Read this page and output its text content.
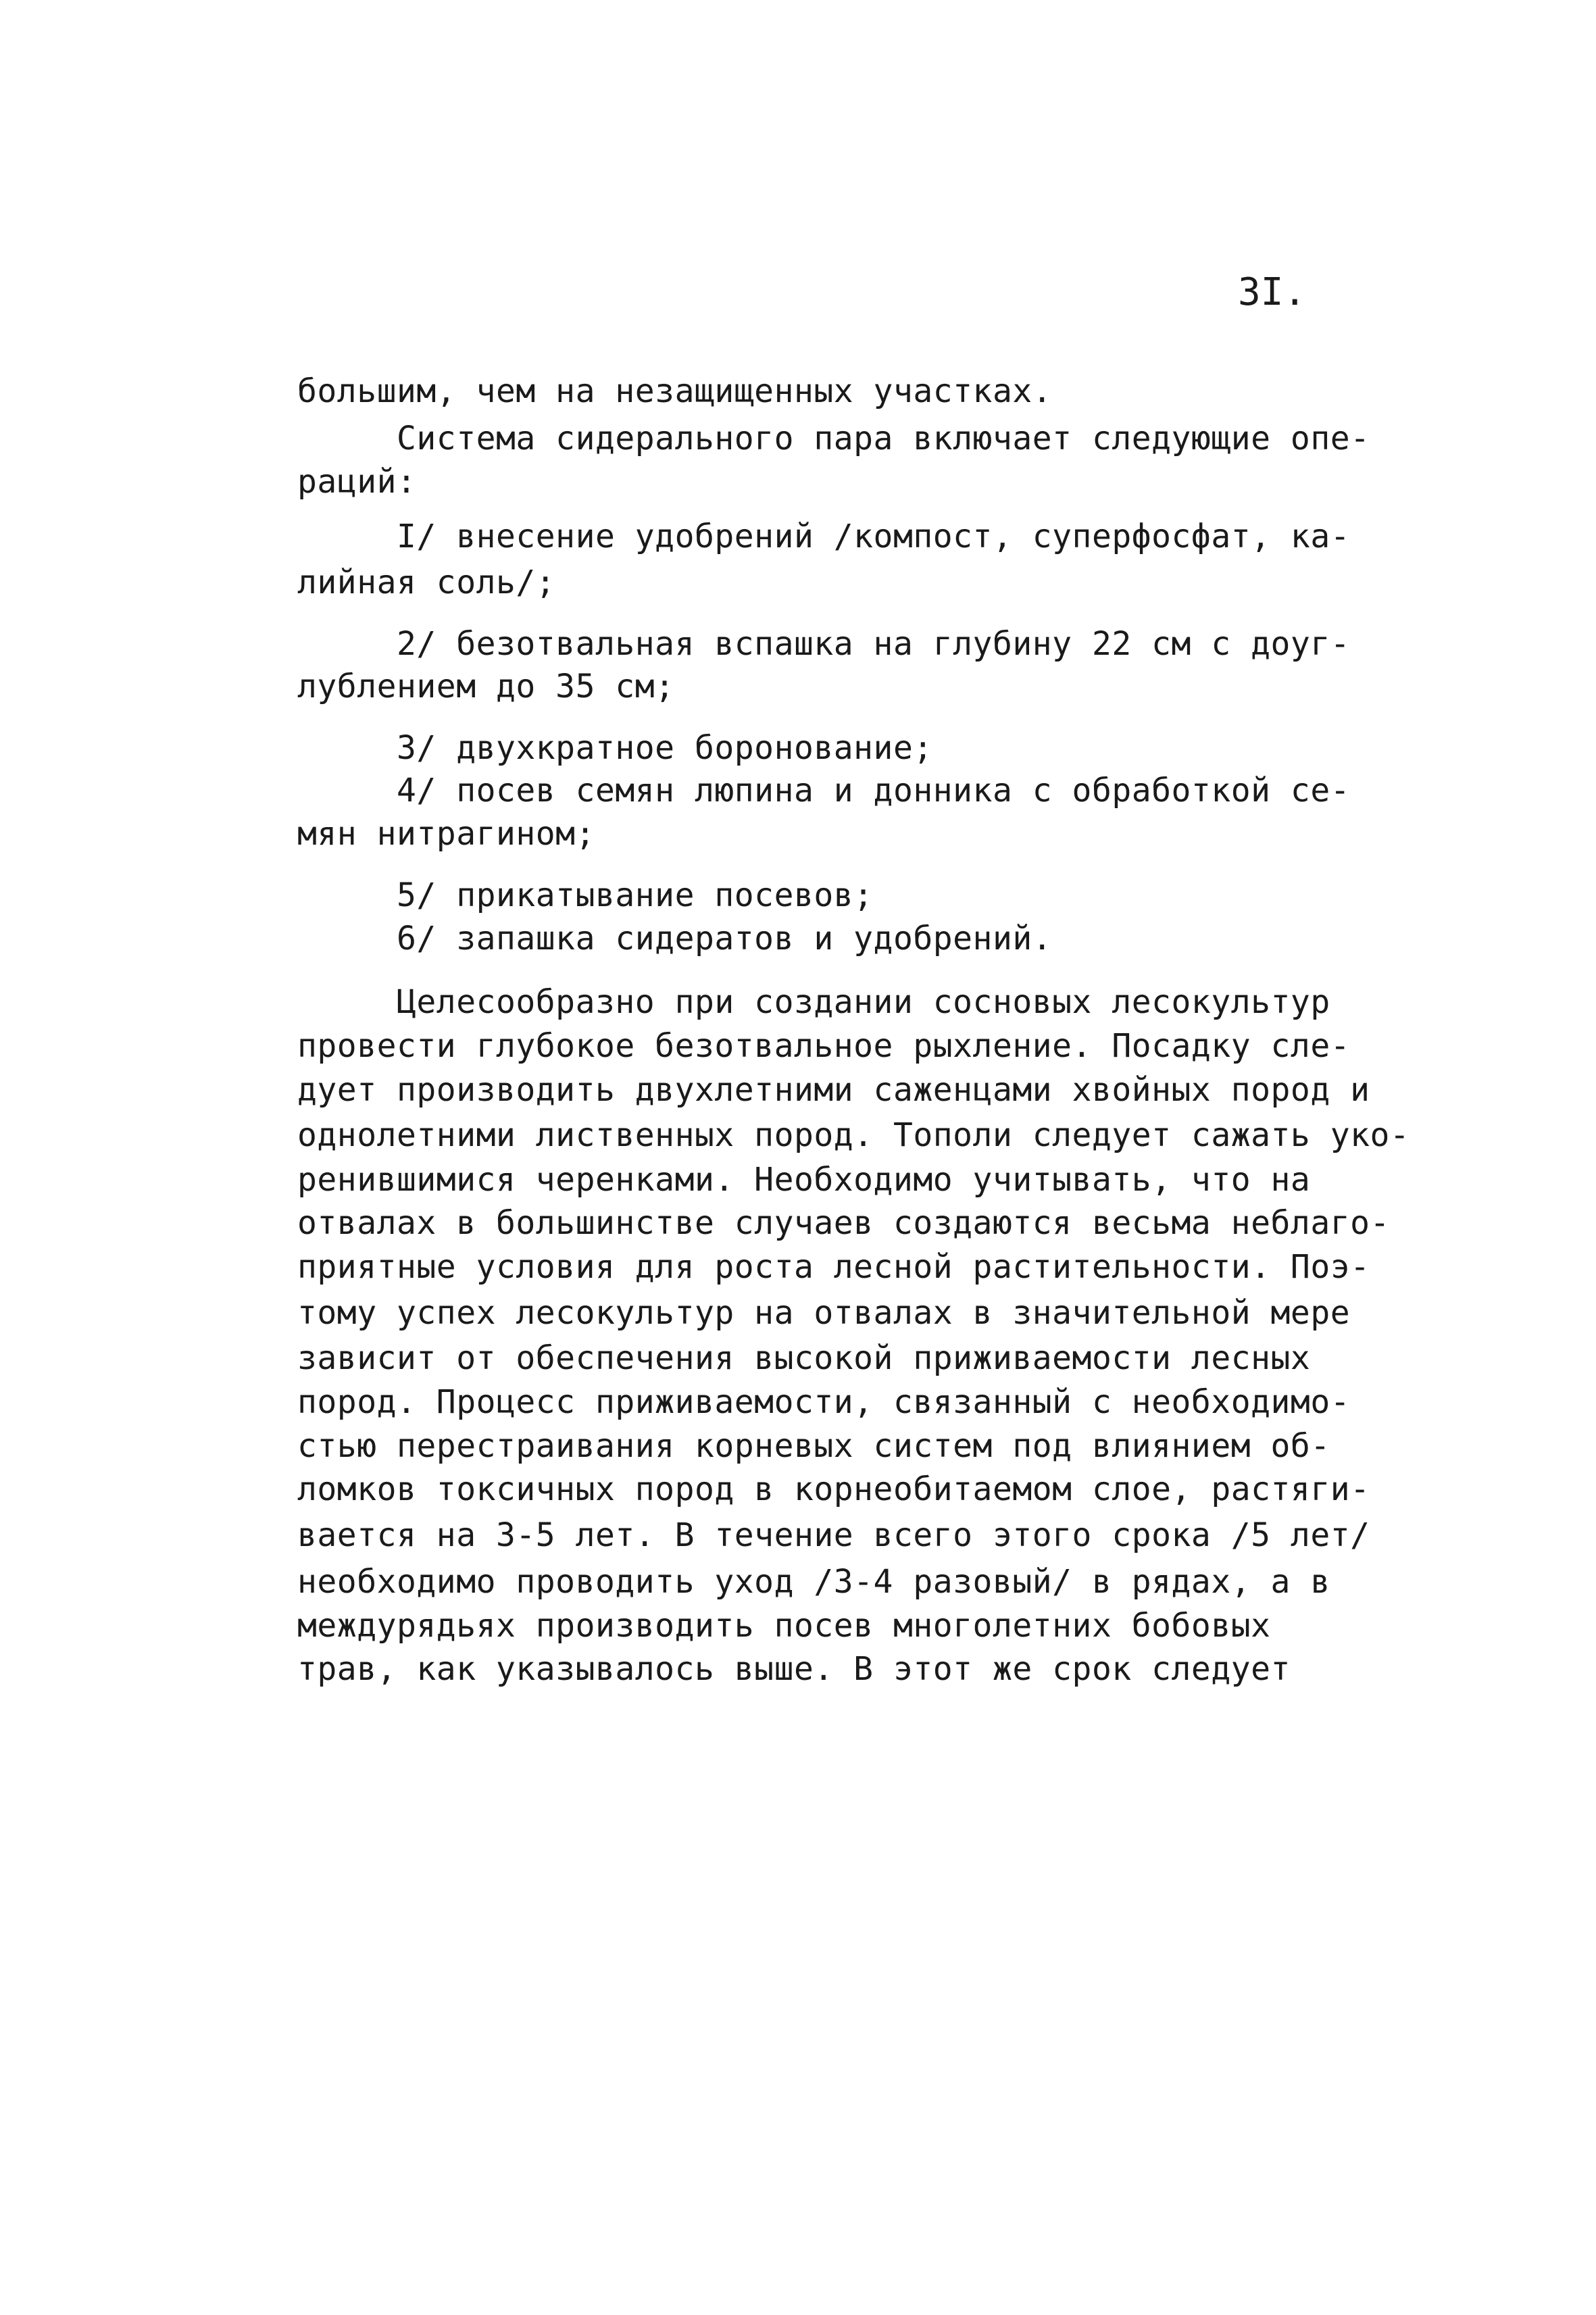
3I.
большим, чем на незащищенных участках.
Система сидерального пара включает следующие опе-
раций:
I/ внесение удобрений /компост, суперфосфат, ка-
лийная соль/;
2/ безотвальная вспашка на глубину 22 см с доуг-
лублением до 35 см;
3/ двухкратное боронование;
4/ посев семян люпина и донника с обработкой се-
мян нитрагином;
5/ прикатывание посевов;
6/ запашка сидератов и удобрений.
Целесообразно при создании сосновых лесокультур
провести глубокое безотвальное рыхление. Посадку сле-
дует производить двухлетними саженцами хвойных пород и
однолетними лиственных пород. Тополи следует сажать уко-
ренившимися черенками. Необходимо учитывать, что на
отвалах в большинстве случаев создаются весьма неблаго-
приятные условия для роста лесной растительности. Поэ-
тому успех лесокультур на отвалах в значительной мере
зависит от обеспечения высокой приживаемости лесных
пород. Процесс приживаемости, связанный с необходимо-
стью перестраивания корневых систем под влиянием об-
ломков токсичных пород в корнеобитаемом слое, растяги-
вается на 3-5 лет. В течение всего этого срока /5 лет/
необходимо проводить уход /3-4 разовый/ в рядах, а в
междурядьях производить посев многолетних бобовых
трав, как указывалось выше. В этот же срок следует
